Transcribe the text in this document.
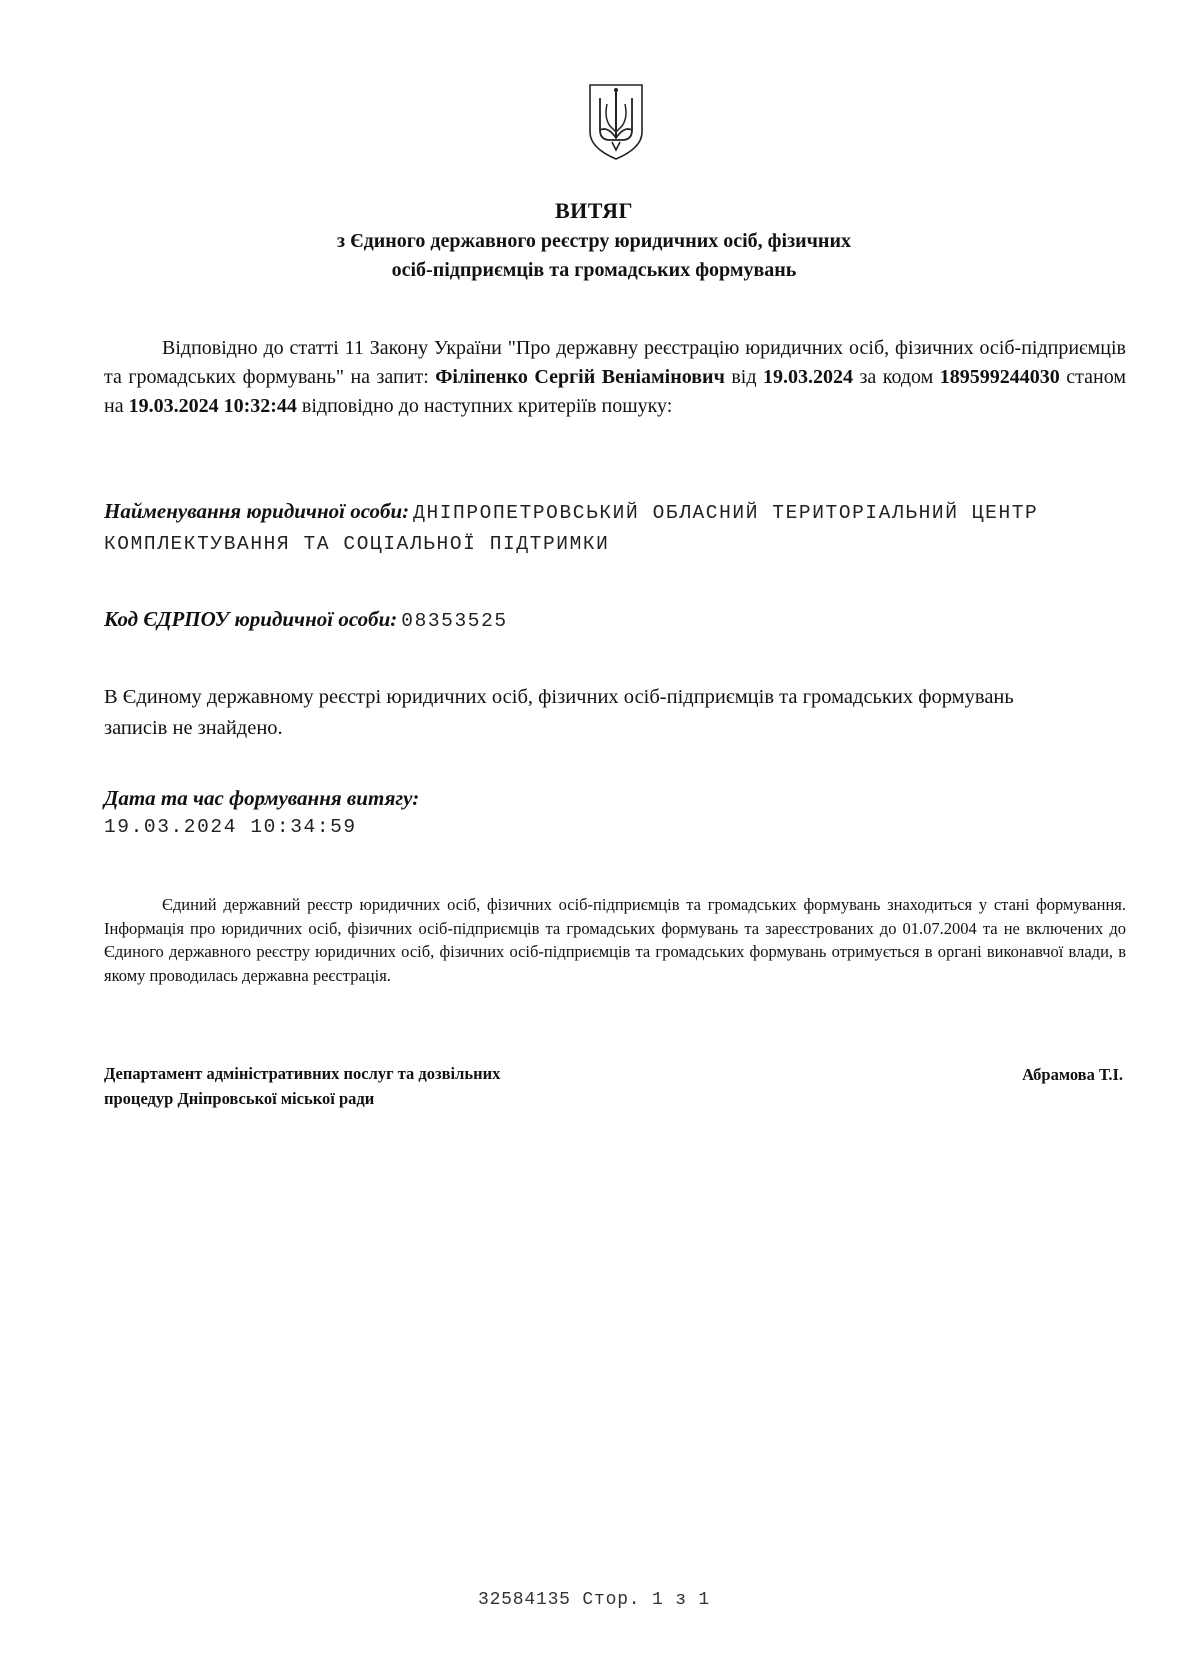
ВИТЯГ
з Єдиного державного реєстру юридичних осіб, фізичних
осіб-підприємців та громадських формувань
Відповідно до статті 11 Закону України "Про державну реєстрацію юридичних осіб, фізичних осіб-підприємців та громадських формувань" на запит: Філіпенко Сергій Веніамінович від 19.03.2024 за кодом 189599244030 станом на 19.03.2024 10:32:44 відповідно до наступних критеріїв пошуку:
Найменування юридичної особи: ДНІПРОПЕТРОВСЬКИЙ ОБЛАСНИЙ ТЕРИТОРІАЛЬНИЙ ЦЕНТР КОМПЛЕКТУВАННЯ ТА СОЦІАЛЬНОЇ ПІДТРИМКИ
Код ЄДРПОУ юридичної особи: 08353525
В Єдиному державному реєстрі юридичних осіб, фізичних осіб-підприємців та громадських формувань записів не знайдено.
Дата та час формування витягу:
19.03.2024 10:34:59
Єдиний державний реєстр юридичних осіб, фізичних осіб-підприємців та громадських формувань знаходиться у стані формування. Інформація про юридичних осіб, фізичних осіб-підприємців та громадських формувань та зареєстрованих до 01.07.2004 та не включених до Єдиного державного реєстру юридичних осіб, фізичних осіб-підприємців та громадських формувань отримується в органі виконавчої влади, в якому проводилась державна реєстрація.
Департамент адміністративних послуг та дозвільних
процедур Дніпровської міської ради
Абрамова Т.І.
32584135 Стор. 1 з 1
